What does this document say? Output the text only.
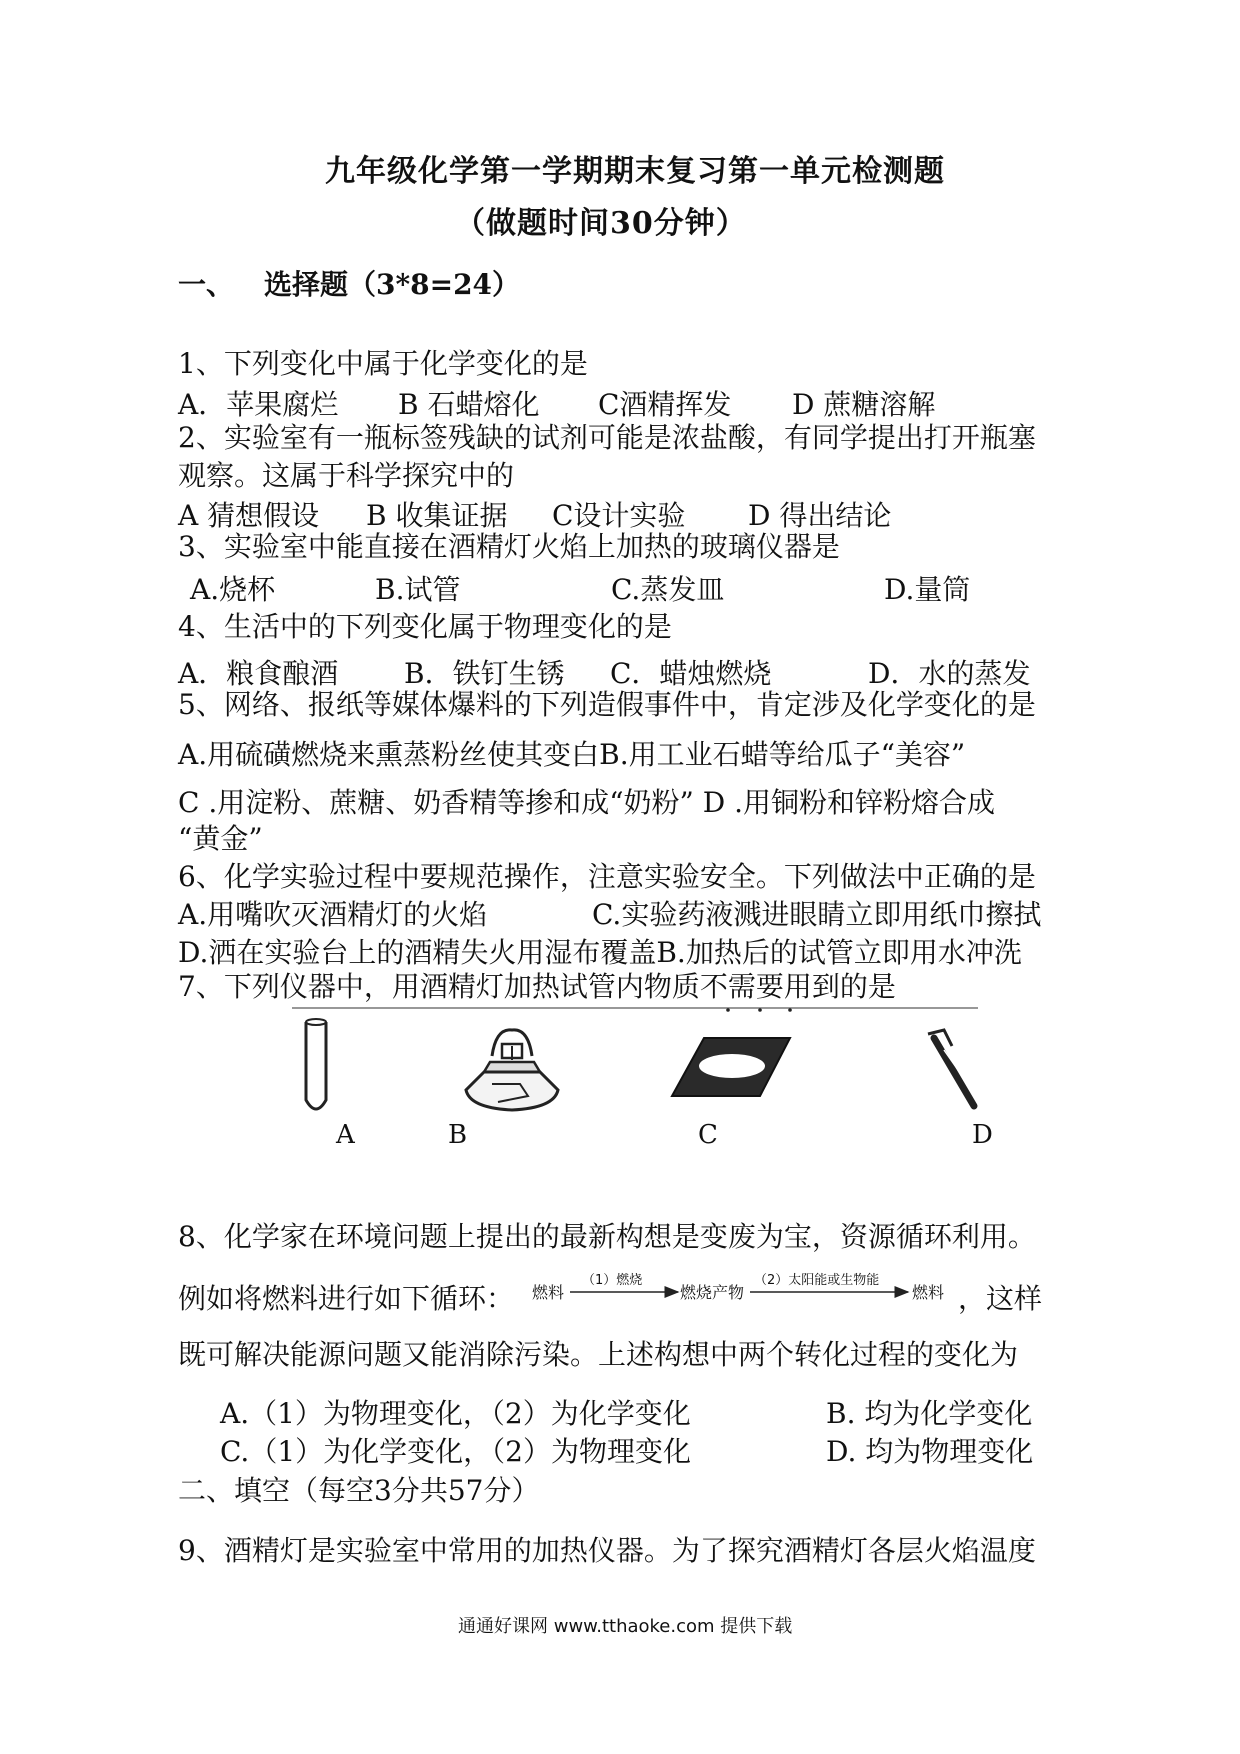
九年级化学第一学期期末复习第一单元检测题
（做题时间30分钟）
一、 选择题（3*8=24）
1、下列变化中属于化学变化的是
A．苹果腐烂 B 石蜡熔化 C酒精挥发 D 蔗糖溶解
2、实验室有一瓶标签残缺的试剂可能是浓盐酸，有同学提出打开瓶塞
观察。这属于科学探究中的
A 猜想假设 B 收集证据 C设计实验 D 得出结论
3、实验室中能直接在酒精灯火焰上加热的玻璃仪器是
A.烧杯	B.试管	C.蒸发皿	D.量筒
4、生活中的下列变化属于物理变化的是
A．粮食酿酒 B．铁钉生锈 C．蜡烛燃烧	D．水的蒸发
5、网络、报纸等媒体爆料的下列造假事件中，肯定涉及化学变化的是
A.用硫磺燃烧来熏蒸粉丝使其变白B.用工业石蜡等给瓜子“美容”
C .用淀粉、蔗糖、奶香精等掺和成“奶粉” D .用铜粉和锌粉熔合成
“黄金”
6、化学实验过程中要规范操作，注意实验安全。下列做法中正确的是
A.用嘴吹灭酒精灯的火焰	C.实验药液溅进眼睛立即用纸巾擦拭
D.洒在实验台上的酒精失火用湿布覆盖B.加热后的试管立即用水冲洗
7、下列仪器中，用酒精灯加热试管内物质不需要用到的是
A	B	C	D
8、化学家在环境问题上提出的最新构想是变废为宝，资源循环利用。
例如将燃料进行如下循环： 燃料
（1）燃烧
燃烧产物
（2）太阳能或生物能
燃料 ，这样
既可解决能源问题又能消除污染。上述构想中两个转化过程的变化为
A.（1）为物理变化，（2）为化学变化	B. 均为化学变化
C.（1）为化学变化，（2）为物理变化	D. 均为物理变化
二、填空（每空3分共57分）
9、酒精灯是实验室中常用的加热仪器。为了探究酒精灯各层火焰温度
通通好课网 www.tthaoke.com 提供下载
